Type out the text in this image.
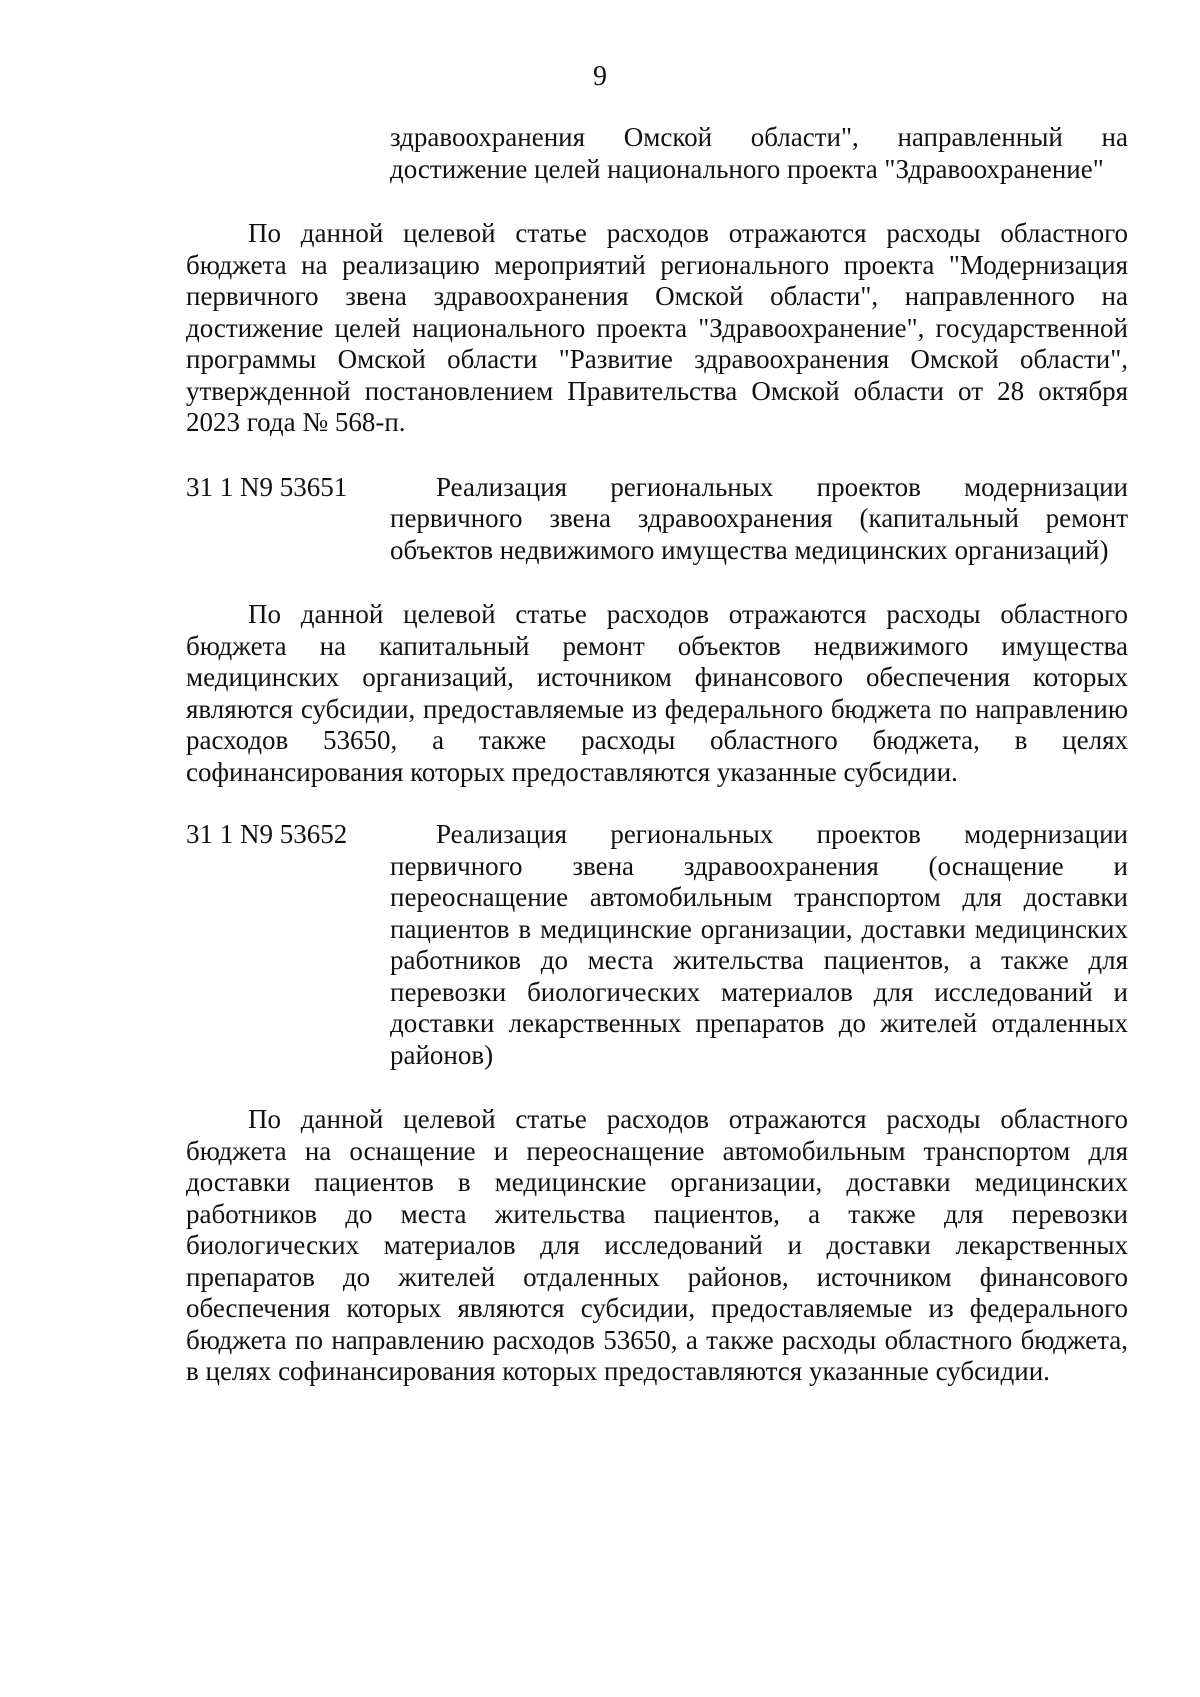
9
здравоохранения Омской области", направленный на достижение целей национального проекта "Здравоохранение"

По данной целевой статье расходов отражаются расходы областного бюджета на реализацию мероприятий регионального проекта "Модернизация первичного звена здравоохранения Омской области", направленного на достижение целей национального проекта "Здравоохранение", государственной программы Омской области "Развитие здравоохранения Омской области", утвержденной постановлением Правительства Омской области от 28 октября 2023 года № 568-п.

31 1 N9 53651	Реализация региональных проектов модернизации первичного звена здравоохранения (капитальный ремонт объектов недвижимого имущества медицинских организаций)

По данной целевой статье расходов отражаются расходы областного бюджета на капитальный ремонт объектов недвижимого имущества медицинских организаций, источником финансового обеспечения которых являются субсидии, предоставляемые из федерального бюджета по направлению расходов 53650, а также расходы областного бюджета, в целях софинансирования которых предоставляются указанные субсидии.

31 1 N9 53652	Реализация региональных проектов модернизации первичного звена здравоохранения (оснащение и переоснащение автомобильным транспортом для доставки пациентов в медицинские организации, доставки медицинских работников до места жительства пациентов, а также для перевозки биологических материалов для исследований и доставки лекарственных препаратов до жителей отдаленных районов)

По данной целевой статье расходов отражаются расходы областного бюджета на оснащение и переоснащение автомобильным транспортом для доставки пациентов в медицинские организации, доставки медицинских работников до места жительства пациентов, а также для перевозки биологических материалов для исследований и доставки лекарственных препаратов до жителей отдаленных районов, источником финансового обеспечения которых являются субсидии, предоставляемые из федерального бюджета по направлению расходов 53650, а также расходы областного бюджета, в целях софинансирования которых предоставляются указанные субсидии.
